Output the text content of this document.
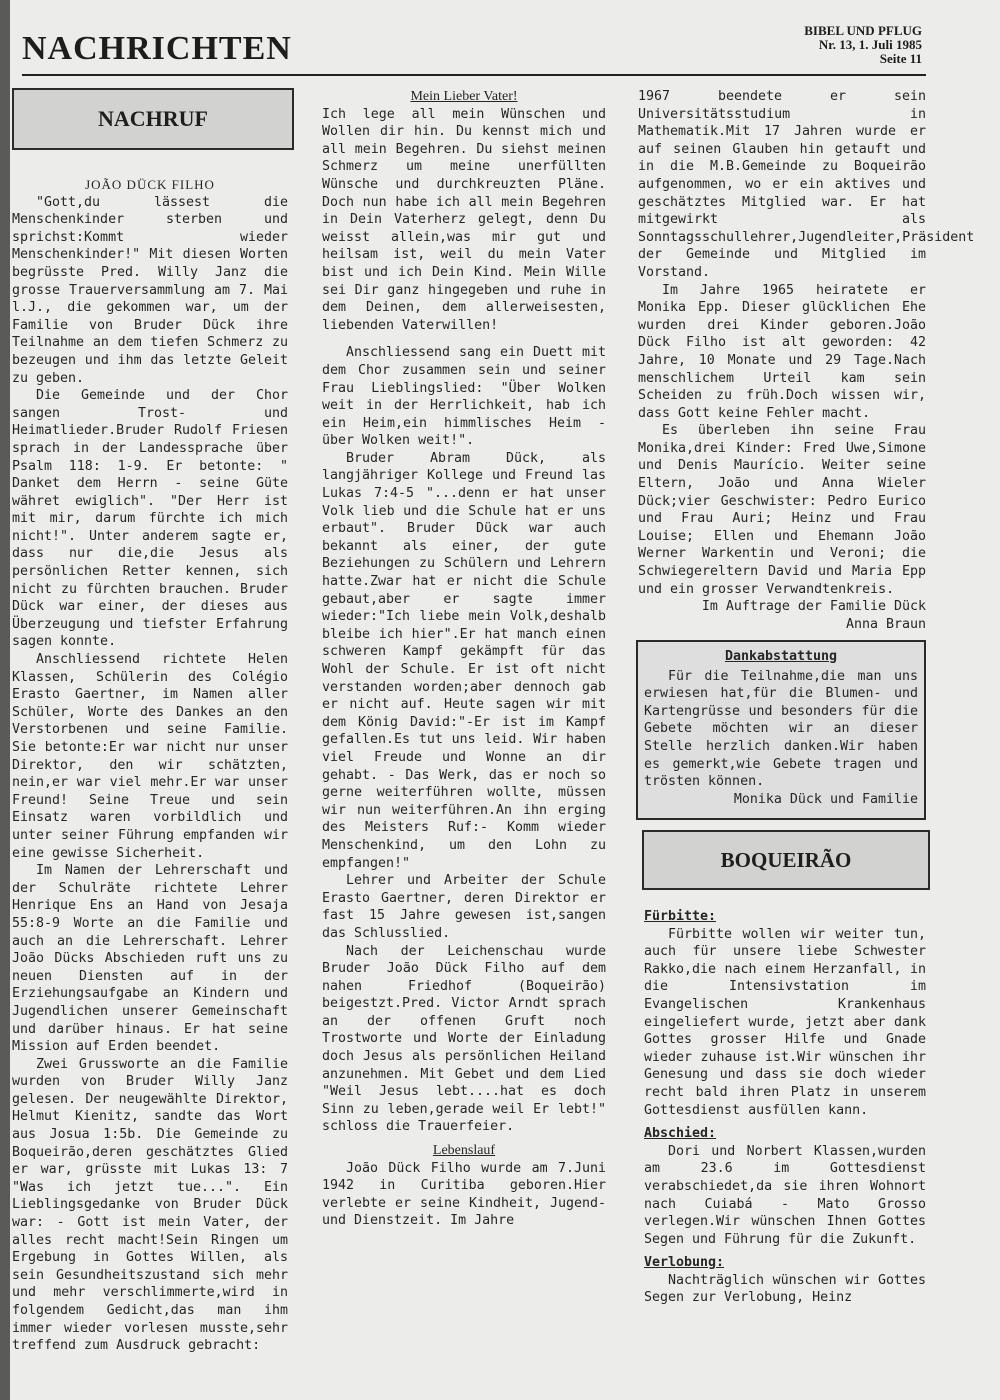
NACHRICHTEN	BIBEL UND PFLUG
Nr. 13, 1. Juli 1985
Seite 11
NACHRUF

JOÃO DÜCK FILHO

"Gott,du lässest die Menschenkinder sterben und sprichst:Kommt wieder Menschenkinder!" Mit diesen Worten begrüsste Pred. Willy Janz die grosse Trauerversammlung am 7. Mai l.J., die gekommen war, um der Familie von Bruder Dück ihre Teilnahme an dem tiefen Schmerz zu bezeugen und ihm das letzte Geleit zu geben.

Die Gemeinde und der Chor sangen Trost- und Heimatlieder.Bruder Rudolf Friesen sprach in der Landessprache über Psalm 118: 1-9. Er betonte: " Danket dem Herrn - seine Güte währet ewiglich". "Der Herr ist mit mir, darum fürchte ich mich nicht!". Unter anderem sagte er, dass nur die,die Jesus als persönlichen Retter kennen, sich nicht zu fürchten brauchen. Bruder Dück war einer, der dieses aus Überzeugung und tiefster Erfahrung sagen konnte.

Anschliessend richtete Helen Klassen, Schülerin des Colégio Erasto Gaertner, im Namen aller Schüler, Worte des Dankes an den Verstorbenen und seine Familie. Sie betonte:Er war nicht nur unser Direktor, den wir schätzten, nein,er war viel mehr.Er war unser Freund! Seine Treue und sein Einsatz waren vorbildlich und unter seiner Führung empfanden wir eine gewisse Sicherheit.

Im Namen der Lehrerschaft und der Schulräte richtete Lehrer Henrique Ens an Hand von Jesaja 55:8-9 Worte an die Familie und auch an die Lehrerschaft. Lehrer João Dücks Abschieden ruft uns zu neuen Diensten auf in der Erziehungsaufgabe an Kindern und Jugendlichen unserer Gemeinschaft und darüber hinaus. Er hat seine Mission auf Erden beendet.

Zwei Grussworte an die Familie wurden von Bruder Willy Janz gelesen. Der neugewählte Direktor, Helmut Kienitz, sandte das Wort aus Josua 1:5b. Die Gemeinde zu Boqueirão,deren geschätztes Glied er war, grüsste mit Lukas 13: 7 "Was ich jetzt tue...". Ein Lieblingsgedanke von Bruder Dück war: - Gott ist mein Vater, der alles recht macht!Sein Ringen um Ergebung in Gottes Willen, als sein Gesundheitszustand sich mehr und mehr verschlimmerte,wird in folgendem Gedicht,das man ihm immer wieder vorlesen musste,sehr treffend zum Ausdruck gebracht:

Mein Lieber Vater!

Ich lege all mein Wünschen und Wollen dir hin. Du kennst mich und all mein Begehren. Du siehst meinen Schmerz um meine unerfüllten Wünsche und durchkreuzten Pläne. Doch nun habe ich all mein Begehren in Dein Vaterherz gelegt, denn Du weisst allein,was mir gut und heilsam ist, weil du mein Vater bist und ich Dein Kind. Mein Wille sei Dir ganz hingegeben und ruhe in dem Deinen, dem allerweisesten, liebenden Vaterwillen!

Anschliessend sang ein Duett mit dem Chor zusammen sein und seiner Frau Lieblingslied: "Über Wolken weit in der Herrlichkeit, hab ich ein Heim,ein himmlisches Heim - über Wolken weit!".

Bruder Abram Dück, als langjähriger Kollege und Freund las Lukas 7:4-5 "...denn er hat unser Volk lieb und die Schule hat er uns erbaut". Bruder Dück war auch bekannt als einer, der gute Beziehungen zu Schülern und Lehrern hatte.Zwar hat er nicht die Schule gebaut,aber er sagte immer wieder:"Ich liebe mein Volk,deshalb bleibe ich hier".Er hat manch einen schweren Kampf gekämpft für das Wohl der Schule. Er ist oft nicht verstanden worden;aber dennoch gab er nicht auf. Heute sagen wir mit dem König David:"-Er ist im Kampf gefallen.Es tut uns leid. Wir haben viel Freude und Wonne an dir gehabt. - Das Werk, das er noch so gerne weiterführen wollte, müssen wir nun weiterführen.An ihn erging des Meisters Ruf:- Komm wieder Menschenkind, um den Lohn zu empfangen!"

Lehrer und Arbeiter der Schule Erasto Gaertner, deren Direktor er fast 15 Jahre gewesen ist,sangen das Schlusslied.

Nach der Leichenschau wurde Bruder João Dück Filho auf dem nahen Friedhof (Boqueirão) beigestzt.Pred. Victor Arndt sprach an der offenen Gruft noch Trostworte und Worte der Einladung doch Jesus als persönlichen Heiland anzunehmen. Mit Gebet und dem Lied "Weil Jesus lebt....hat es doch Sinn zu leben,gerade weil Er lebt!" schloss die Trauerfeier.

Lebenslauf

João Dück Filho wurde am 7.Juni 1942 in Curitiba geboren.Hier verlebte er seine Kindheit, Jugend- und Dienstzeit. Im Jahre

1967 beendete er sein Universitätsstudium in Mathematik.Mit 17 Jahren wurde er auf seinen Glauben hin getauft und in die M.B.Gemeinde zu Boqueirão aufgenommen, wo er ein aktives und geschätztes Mitglied war. Er hat mitgewirkt als Sonntagsschullehrer,Jugendleiter,Präsident der Gemeinde und Mitglied im Vorstand.

Im Jahre 1965 heiratete er Monika Epp. Dieser glücklichen Ehe wurden drei Kinder geboren.João Dück Filho ist alt geworden: 42 Jahre, 10 Monate und 29 Tage.Nach menschlichem Urteil kam sein Scheiden zu früh.Doch wissen wir, dass Gott keine Fehler macht.

Es überleben ihn seine Frau Monika,drei Kinder: Fred Uwe,Simone und Denis Maurício. Weiter seine Eltern, João und Anna Wieler Dück;vier Geschwister: Pedro Eurico und Frau Auri; Heinz und Frau Louise; Ellen und Ehemann João Werner Warkentin und Veroni; die Schwiegereltern David und Maria Epp und ein grosser Verwandtenkreis.

Im Auftrage der Familie Dück

Anna Braun

Dankabstattung

Für die Teilnahme,die man uns erwiesen hat,für die Blumen- und Kartengrüsse und besonders für die Gebete möchten wir an dieser Stelle herzlich danken.Wir haben es gemerkt,wie Gebete tragen und trösten können.

Monika Dück und Familie

BOQUEIRÃO

Fürbitte:

Fürbitte wollen wir weiter tun, auch für unsere liebe Schwester Rakko,die nach einem Herzanfall, in die Intensivstation im Evangelischen Krankenhaus eingeliefert wurde, jetzt aber dank Gottes grosser Hilfe und Gnade wieder zuhause ist.Wir wünschen ihr Genesung und dass sie doch wieder recht bald ihren Platz in unserem Gottesdienst ausfüllen kann.

Abschied:

Dori und Norbert Klassen,wurden am 23.6 im Gottesdienst verabschiedet,da sie ihren Wohnort nach Cuiabá - Mato Grosso verlegen.Wir wünschen Ihnen Gottes Segen und Führung für die Zukunft.

Verlobung:

Nachträglich wünschen wir Gottes Segen zur Verlobung, Heinz
